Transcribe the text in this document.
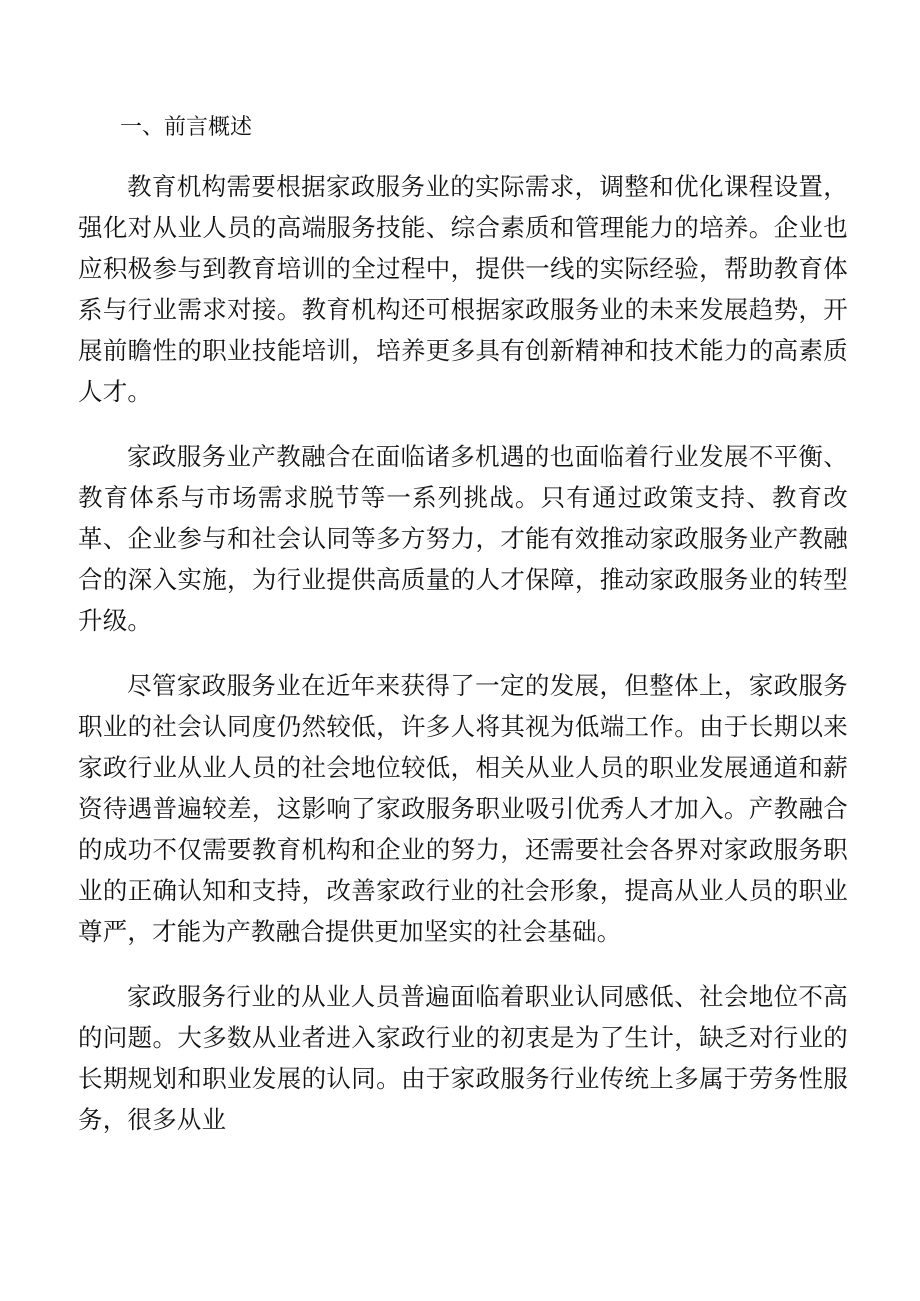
一、前言概述

教育机构需要根据家政服务业的实际需求，调整和优化课程设置，强化对从业人员的高端服务技能、综合素质和管理能力的培养。企业也应积极参与到教育培训的全过程中，提供一线的实际经验，帮助教育体系与行业需求对接。教育机构还可根据家政服务业的未来发展趋势，开展前瞻性的职业技能培训，培养更多具有创新精神和技术能力的高素质人才。

家政服务业产教融合在面临诸多机遇的也面临着行业发展不平衡、教育体系与市场需求脱节等一系列挑战。只有通过政策支持、教育改革、企业参与和社会认同等多方努力，才能有效推动家政服务业产教融合的深入实施，为行业提供高质量的人才保障，推动家政服务业的转型升级。

尽管家政服务业在近年来获得了一定的发展，但整体上，家政服务职业的社会认同度仍然较低，许多人将其视为低端工作。由于长期以来家政行业从业人员的社会地位较低，相关从业人员的职业发展通道和薪资待遇普遍较差，这影响了家政服务职业吸引优秀人才加入。产教融合的成功不仅需要教育机构和企业的努力，还需要社会各界对家政服务职业的正确认知和支持，改善家政行业的社会形象，提高从业人员的职业尊严，才能为产教融合提供更加坚实的社会基础。

家政服务行业的从业人员普遍面临着职业认同感低、社会地位不高的问题。大多数从业者进入家政行业的初衷是为了生计，缺乏对行业的长期规划和职业发展的认同。由于家政服务行业传统上多属于劳务性服务，很多从业
